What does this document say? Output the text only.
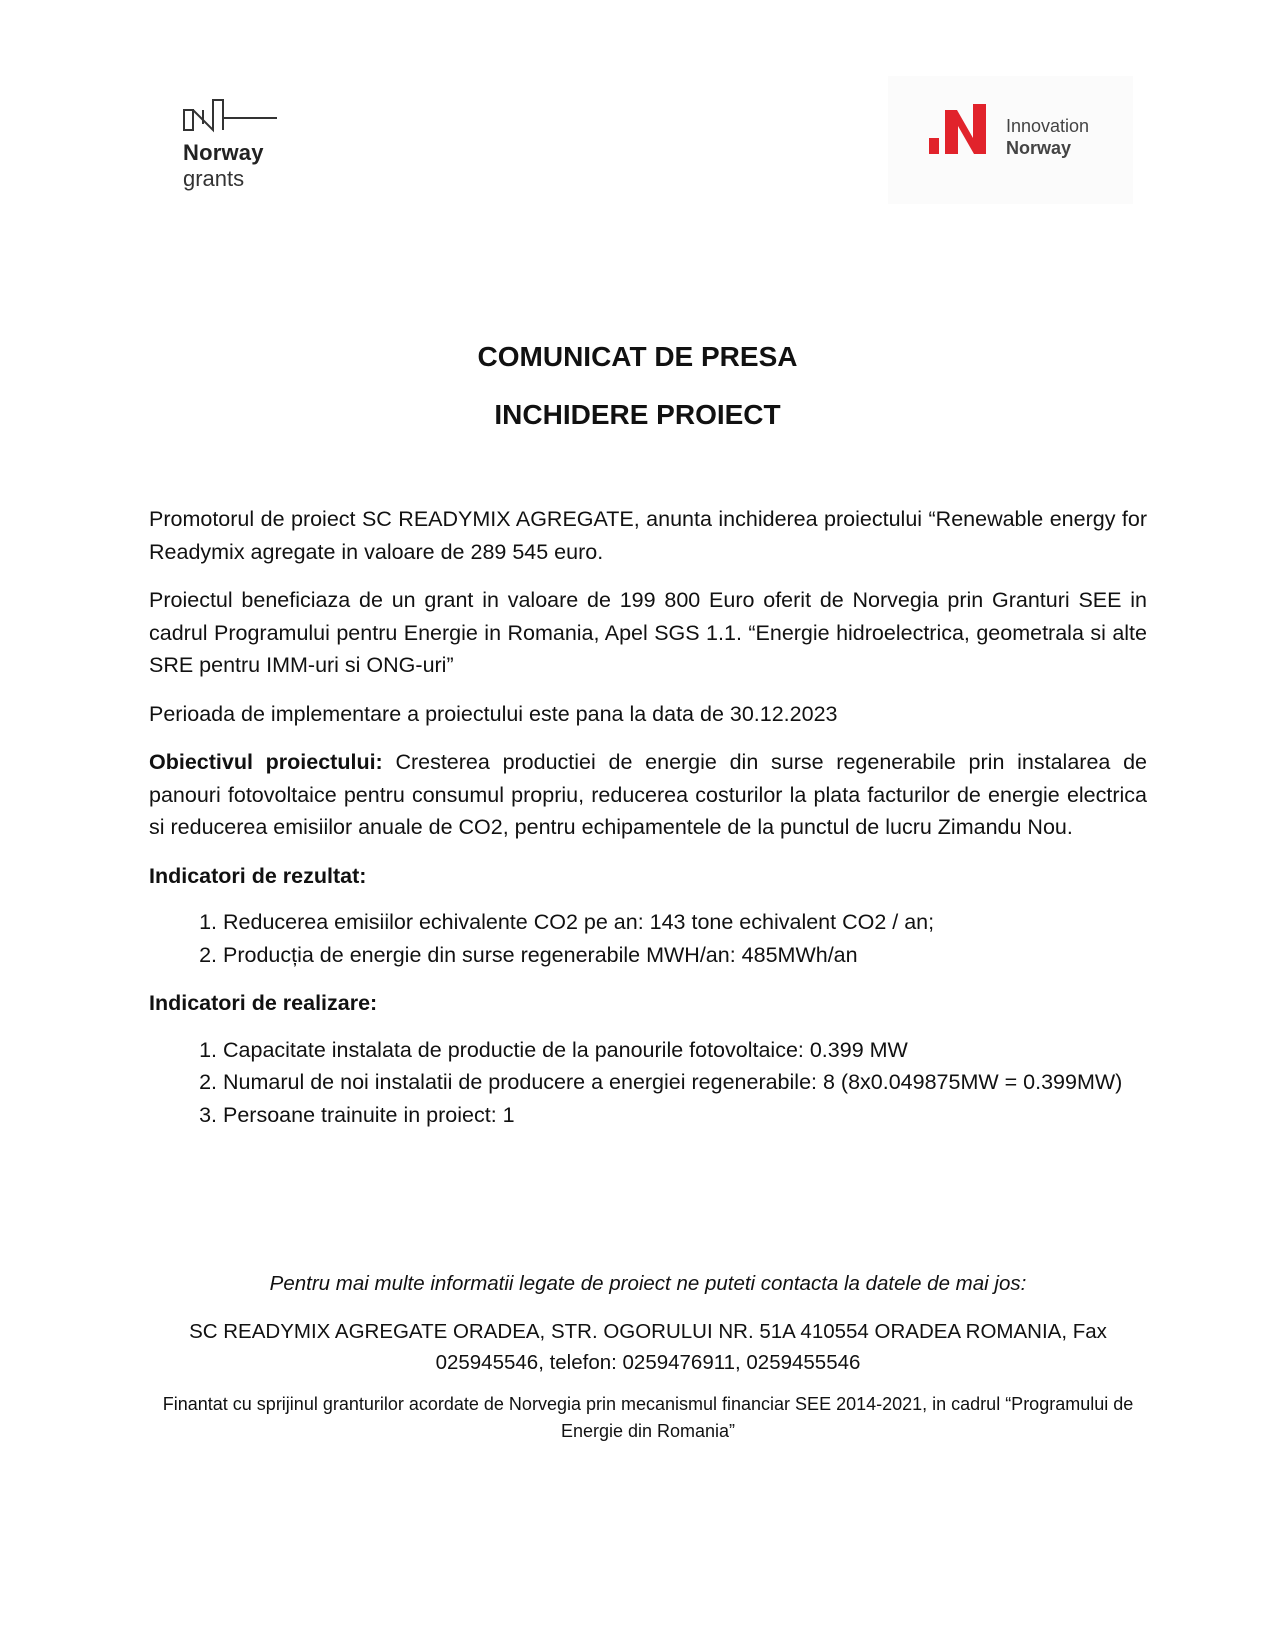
Norway
grants
Innovation
Norway
COMUNICAT DE PRESA
INCHIDERE PROIECT

Promotorul de proiect SC READYMIX AGREGATE, anunta inchiderea proiectului “Renewable energy for Readymix agregate in valoare de 289 545 euro.

Proiectul beneficiaza de un grant in valoare de 199 800 Euro oferit de Norvegia prin Granturi SEE in cadrul Programului pentru Energie in Romania, Apel SGS 1.1. “Energie hidroelectrica, geometrala si alte SRE pentru IMM-uri si ONG-uri”

Perioada de implementare a proiectului este pana la data de 30.12.2023

Obiectivul proiectului: Cresterea productiei de energie din surse regenerabile prin instalarea de panouri fotovoltaice pentru consumul propriu, reducerea costurilor la plata facturilor de energie electrica si reducerea emisiilor anuale de CO2, pentru echipamentele de la punctul de lucru Zimandu Nou.

Indicatori de rezultat:

1. Reducerea emisiilor echivalente CO2 pe an: 143 tone echivalent CO2 / an;
2. Producția de energie din surse regenerabile MWH/an: 485MWh/an

Indicatori de realizare:

1. Capacitate instalata de productie de la panourile fotovoltaice: 0.399 MW
2. Numarul de noi instalatii de producere a energiei regenerabile: 8 (8x0.049875MW = 0.399MW)
3. Persoane trainuite in proiect: 1
Pentru mai multe informatii legate de proiect ne puteti contacta la datele de mai jos:
SC READYMIX AGREGATE ORADEA, STR. OGORULUI NR. 51A 410554 ORADEA ROMANIA, Fax 025945546, telefon: 0259476911, 0259455546
Finantat cu sprijinul granturilor acordate de Norvegia prin mecanismul financiar SEE 2014-2021, in cadrul “Programului de Energie din Romania”
